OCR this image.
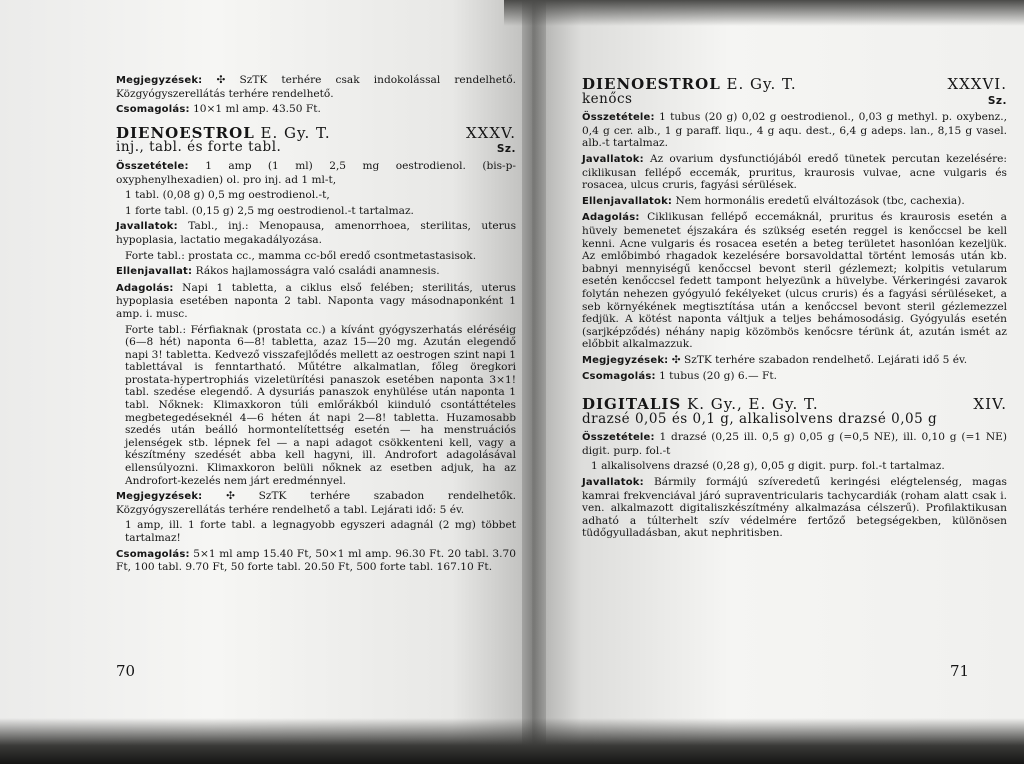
Megjegyzések: ✣ SzTK terhére csak indokolással rendelhető. Közgyógyszerellátás terhére rendelhető.

Csomagolás: 10×1 ml amp. 43.50 Ft.

DIENOESTROL E. Gy. T.	XXXV.
inj., tabl. és forte tabl.	Sz.

Összetétele: 1 amp (1 ml) 2,5 mg oestrodienol. (bis-p-oxyphenylhexadien) ol. pro inj. ad 1 ml-t,

1 tabl. (0,08 g) 0,5 mg oestrodienol.-t,

1 forte tabl. (0,15 g) 2,5 mg oestrodienol.-t tartalmaz.

Javallatok: Tabl., inj.: Menopausa, amenorrhoea, sterilitas, uterus hypoplasia, lactatio megakadályozása.

Forte tabl.: prostata cc., mamma cc-ből eredő csontmetastasisok.

Ellenjavallat: Rákos hajlamosságra való családi anamnesis.

Adagolás: Napi 1 tabletta, a ciklus első felében; sterilitás, uterus hypoplasia esetében naponta 2 tabl. Naponta vagy másodnaponként 1 amp. i. musc.

Forte tabl.: Férfiaknak (prostata cc.) a kívánt gyógyszerhatás eléréséig (6—8 hét) naponta 6—8! tabletta, azaz 15—20 mg. Azután elegendő napi 3! tabletta. Kedvező visszafejlődés mellett az oestrogen szint napi 1 tablettával is fenntartható. Műtétre alkalmatlan, főleg öregkori prostata-hypertrophiás vizeletürítési panaszok esetében naponta 3×1! tabl. szedése elegendő. A dysuriás panaszok enyhülése után naponta 1 tabl. Nőknek: Klimaxkoron túli emlőrákból kiinduló csontáttételes megbetegedéseknél 4—6 héten át napi 2—8! tabletta. Huzamosabb szedés után beálló hormontelítettség esetén — ha menstruációs jelenségek stb. lépnek fel — a napi adagot csökkenteni kell, vagy a készítmény szedését abba kell hagyni, ill. Androfort adagolásával ellensúlyozni. Klimaxkoron belüli nőknek az esetben adjuk, ha az Androfort-kezelés nem járt eredménnyel.

Megjegyzések: ✣ SzTK terhére szabadon rendelhetők. Közgyógyszerellátás terhére rendelhető a tabl. Lejárati idő: 5 év.

1 amp, ill. 1 forte tabl. a legnagyobb egyszeri adagnál (2 mg) többet tartalmaz!

Csomagolás: 5×1 ml amp 15.40 Ft, 50×1 ml amp. 96.30 Ft. 20 tabl. 3.70 Ft, 100 tabl. 9.70 Ft, 50 forte tabl. 20.50 Ft, 500 forte tabl. 167.10 Ft.

70
DIENOESTROL E. Gy. T.	XXXVI.
kenőcs	Sz.

Összetétele: 1 tubus (20 g) 0,02 g oestrodienol., 0,03 g methyl. p. oxybenz., 0,4 g cer. alb., 1 g paraff. liqu., 4 g aqu. dest., 6,4 g adeps. lan., 8,15 g vasel. alb.-t tartalmaz.

Javallatok: Az ovarium dysfunctiójából eredő tünetek percutan kezelésére: ciklikusan fellépő eccemák, pruritus, kraurosis vulvae, acne vulgaris és rosacea, ulcus cruris, fagyási sérülések.

Ellenjavallatok: Nem hormonális eredetű elváltozások (tbc, cachexia).

Adagolás: Ciklikusan fellépő eccemáknál, pruritus és kraurosis esetén a hüvely bemenetet éjszakára és szükség esetén reggel is kenőccsel be kell kenni. Acne vulgaris és rosacea esetén a beteg területet hasonlóan kezeljük. Az emlőbimbó rhagadok kezelésére borsavoldattal történt lemosás után kb. babnyi mennyiségű kenőccsel bevont steril gézlemezt; kolpitis vetularum esetén kenőccsel fedett tampont helyezünk a hüvelybe. Vérkeringési zavarok folytán nehezen gyógyuló fekélyeket (ulcus cruris) és a fagyási sérüléseket, a seb környékének megtisztítása után a kenőccsel bevont steril gézlemezzel fedjük. A kötést naponta váltjuk a teljes behámosodásig. Gyógyulás esetén (sarjképződés) néhány napig közömbös kenőcsre térünk át, azután ismét az előbbit alkalmazzuk.

Megjegyzések: ✣ SzTK terhére szabadon rendelhető. Lejárati idő 5 év.

Csomagolás: 1 tubus (20 g) 6.— Ft.

DIGITALIS K. Gy., E. Gy. T.	XIV.
drazsé 0,05 és 0,1 g, alkalisolvens drazsé 0,05 g

Összetétele: 1 drazsé (0,25 ill. 0,5 g) 0,05 g (=0,5 NE), ill. 0,10 g (=1 NE) digit. purp. fol.-t

1 alkalisolvens drazsé (0,28 g), 0,05 g digit. purp. fol.-t tartalmaz.

Javallatok: Bármily formájú szíveredetű keringési elégtelenség, magas kamrai frekvenciával járó supraventricularis tachycardiák (roham alatt csak i. ven. alkalmazott digitaliszkészítmény alkalmazása célszerű). Profilaktikusan adható a túlterhelt szív védelmére fertőző betegségekben, különösen tüdőgyulladásban, akut nephritisben.

71
